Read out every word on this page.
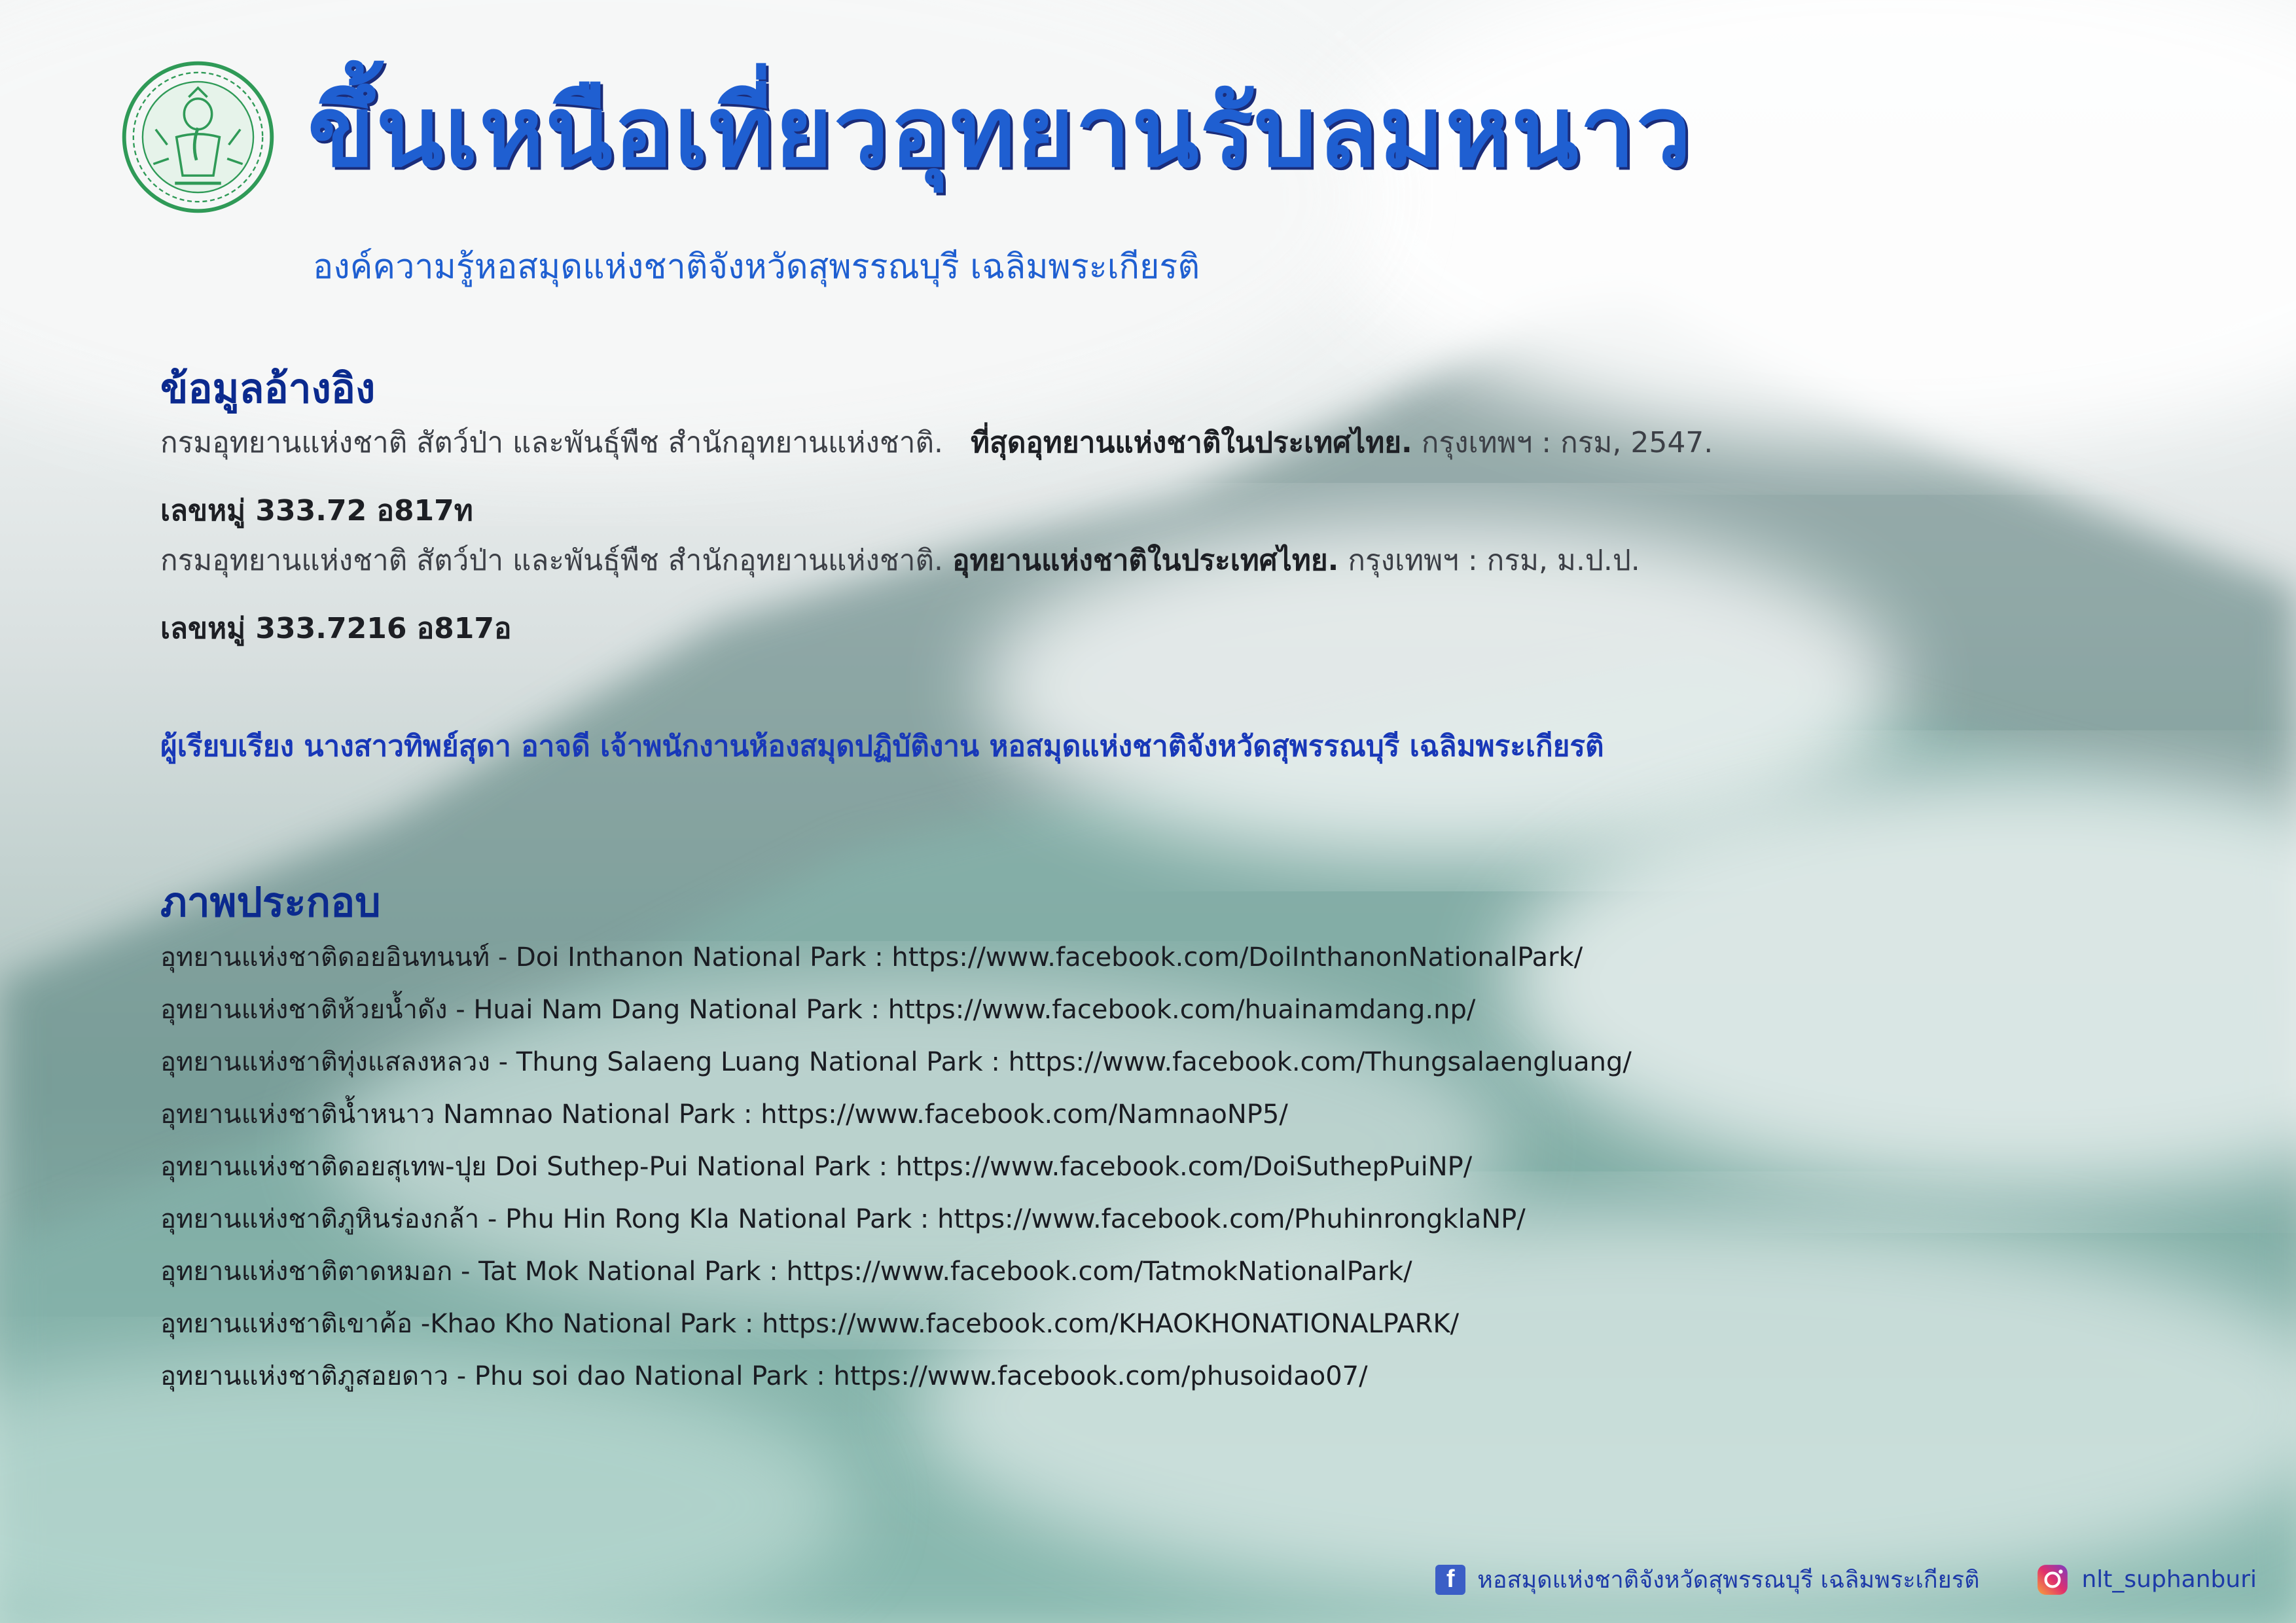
ขึ้นเหนือเที่ยวอุทยานรับลมหนาว
องค์ความรู้หอสมุดแห่งชาติจังหวัดสุพรรณบุรี เฉลิมพระเกียรติ
ข้อมูลอ้างอิง
กรมอุทยานแห่งชาติ สัตว์ป่า และพันธุ์พืช สำนักอุทยานแห่งชาติ. ที่สุดอุทยานแห่งชาติในประเทศไทย. กรุงเทพฯ : กรม, 2547.
เลขหมู่ 333.72 อ817ท
กรมอุทยานแห่งชาติ สัตว์ป่า และพันธุ์พืช สำนักอุทยานแห่งชาติ. อุทยานแห่งชาติในประเทศไทย. กรุงเทพฯ : กรม, ม.ป.ป.
เลขหมู่ 333.7216 อ817อ
ผู้เรียบเรียง นางสาวทิพย์สุดา อาจดี เจ้าพนักงานห้องสมุดปฏิบัติงาน หอสมุดแห่งชาติจังหวัดสุพรรณบุรี เฉลิมพระเกียรติ
ภาพประกอบ
อุทยานแห่งชาติดอยอินทนนท์ - Doi Inthanon National Park : https://www.facebook.com/DoiInthanonNationalPark/
อุทยานแห่งชาติห้วยน้ำดัง - Huai Nam Dang National Park : https://www.facebook.com/huainamdang.np/
อุทยานแห่งชาติทุ่งแสลงหลวง - Thung Salaeng Luang National Park : https://www.facebook.com/Thungsalaengluang/
อุทยานแห่งชาติน้ำหนาว Namnao National Park : https://www.facebook.com/NamnaoNP5/
อุทยานแห่งชาติดอยสุเทพ-ปุย Doi Suthep-Pui National Park : https://www.facebook.com/DoiSuthepPuiNP/
อุทยานแห่งชาติภูหินร่องกล้า - Phu Hin Rong Kla National Park : https://www.facebook.com/PhuhinrongklaNP/
อุทยานแห่งชาติตาดหมอก - Tat Mok National Park : https://www.facebook.com/TatmokNationalPark/
อุทยานแห่งชาติเขาค้อ -Khao Kho National Park : https://www.facebook.com/KHAOKHONATIONALPARK/
อุทยานแห่งชาติภูสอยดาว - Phu soi dao National Park : https://www.facebook.com/phusoidao07/
f หอสมุดแห่งชาติจังหวัดสุพรรณบุรี เฉลิมพระเกียรติ	nlt_suphanburi
